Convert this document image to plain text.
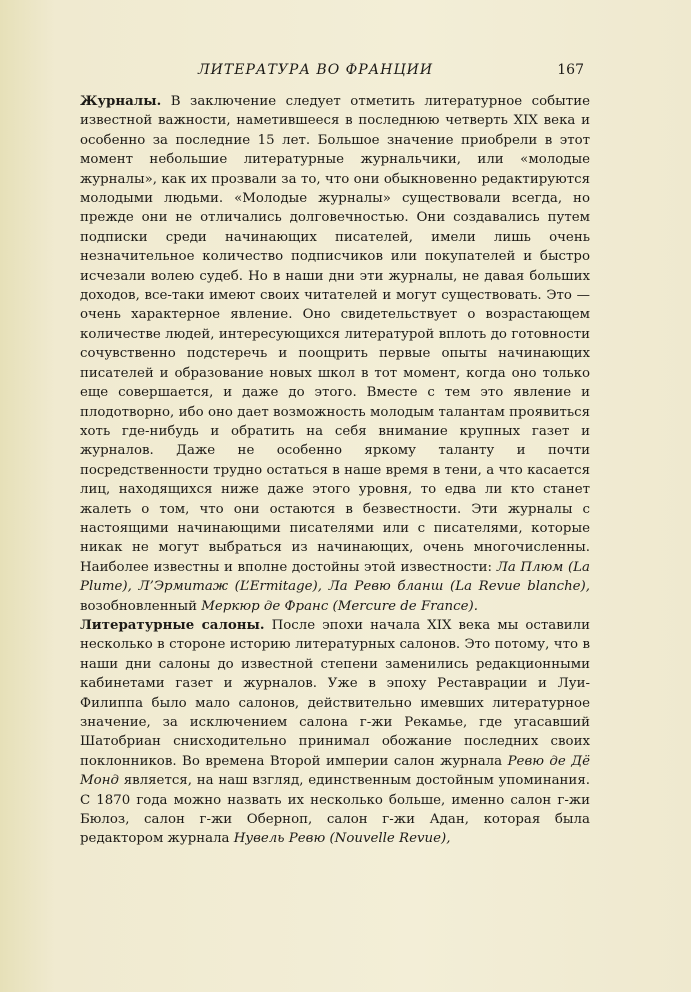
ЛИТЕРАТУРА ВО ФРАНЦИИ	167

Журналы. В заключение следует отметить литературное событие известной важности, наметившееся в последнюю четверть XIX века и особенно за последние 15 лет. Большое значение приобрели в этот момент небольшие литературные журнальчики, или «молодые журналы», как их прозвали за то, что они обыкновенно редактируются молодыми людьми. «Молодые журналы» существовали всегда, но прежде они не отличались долговечностью. Они создавались путем подписки среди начинающих писателей, имели лишь очень незначительное количество подписчиков или покупателей и быстро исчезали волею судеб. Но в наши дни эти журналы, не давая больших доходов, все-таки имеют своих читателей и могут существовать. Это — очень характерное явление. Оно свидетельствует о возрастающем количестве людей, интересующихся литературой вплоть до готовности сочувственно подстеречь и поощрить первые опыты начинающих писателей и образование новых школ в тот момент, когда оно только еще совершается, и даже до этого. Вместе с тем это явление и плодотворно, ибо оно дает возможность молодым талантам проявиться хоть где-нибудь и обратить на себя внимание крупных газет и журналов. Даже не особенно яркому таланту и почти посредственности трудно остаться в наше время в тени, а что касается лиц, находящихся ниже даже этого уровня, то едва ли кто станет жалеть о том, что они остаются в безвестности. Эти журналы с настоящими начинающими писателями или с писателями, которые никак не могут выбраться из начинающих, очень многочисленны. Наиболее известны и вполне достойны этой известности: Ла Плюм (La Plume), Л’Эрмитаж (L’Ermitage), Ла Ревю бланш (La Revue blanche), возобновленный Меркюр де Франс (Mercure de France).

Литературные салоны. После эпохи начала XIX века мы оставили несколько в стороне историю литературных салонов. Это потому, что в наши дни салоны до известной степени заменились редакционными кабинетами газет и журналов. Уже в эпоху Реставрации и Луи-Филиппа было мало салонов, действительно имевших литературное значение, за исключением салона г-жи Рекамье, где угасавший Шатобриан снисходительно принимал обожание последних своих поклонников. Во времена Второй империи салон журнала Ревю де Дё Монд является, на наш взгляд, единственным достойным упоминания. С 1870 года можно назвать их несколько больше, именно салон г-жи Бюлоз, салон г-жи Оберноп, салон г-жи Адан, которая была редактором журнала Нувель Ревю (Nouvelle Revue),
